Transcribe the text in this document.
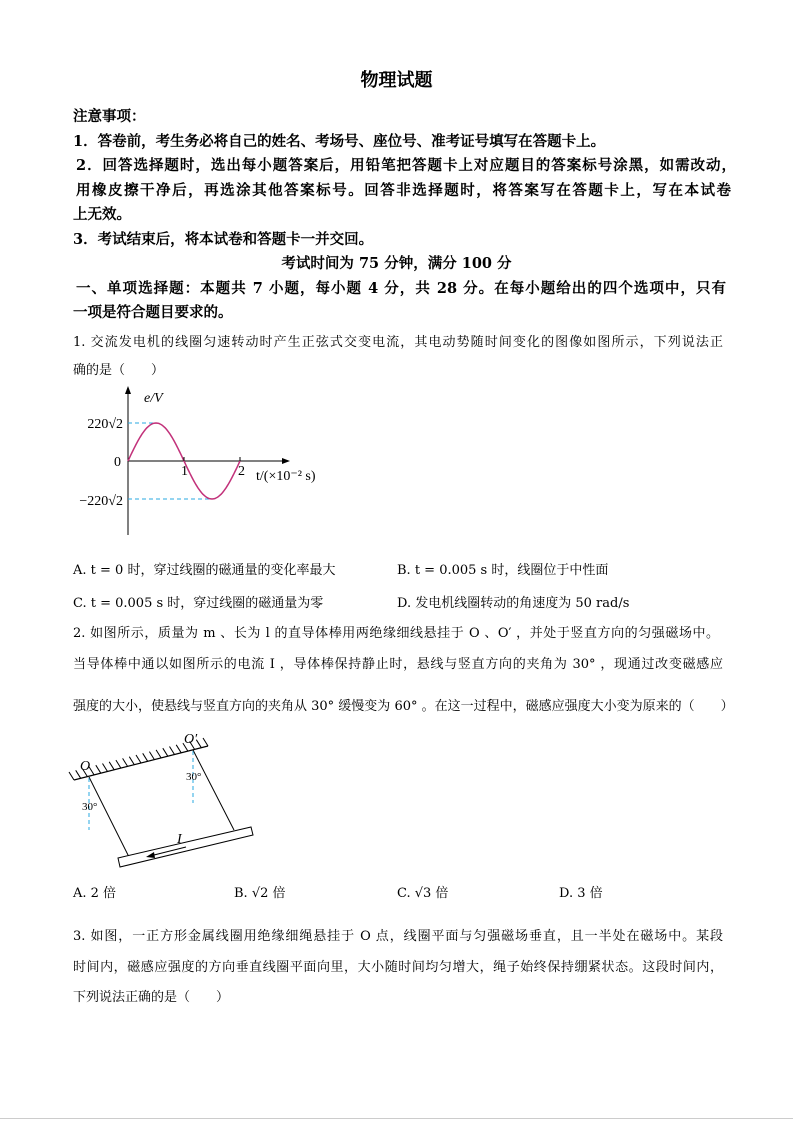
物理试题
注意事项：
1．答卷前，考生务必将自己的姓名、考场号、座位号、准考证号填写在答题卡上。
2．回答选择题时，选出每小题答案后，用铅笔把答题卡上对应题目的答案标号涂黑，如需改动，
用橡皮擦干净后，再选涂其他答案标号。回答非选择题时，将答案写在答题卡上，写在本试卷
上无效。
3．考试结束后，将本试卷和答题卡一并交回。
考试时间为 75 分钟，满分 100 分
一、单项选择题：本题共 7 小题，每小题 4 分，共 28 分。在每小题给出的四个选项中，只有
一项是符合题目要求的。
1. 交流发电机的线圈匀速转动时产生正弦式交变电流，其电动势随时间变化的图像如图所示，下列说法正
确的是（　　）
e/V
220√2
−220√2
0
1	2 t/(×10⁻² s)
O
O′
30°
30°
I
A. t = 0 时，穿过线圈的磁通量的变化率最大	B. t = 0.005 s 时，线圈位于中性面
C. t = 0.005 s 时，穿过线圈的磁通量为零	D. 发电机线圈转动的角速度为 50 rad/s
2. 如图所示，质量为 m 、长为 l 的直导体棒用两绝缘细线悬挂于 O 、O′ ，并处于竖直方向的匀强磁场中。
当导体棒中通以如图所示的电流 I ，导体棒保持静止时，悬线与竖直方向的夹角为 30° ，现通过改变磁感应
强度的大小，使悬线与竖直方向的夹角从 30° 缓慢变为 60° 。在这一过程中，磁感应强度大小变为原来的（　　）
A. 2 倍	B. √2 倍	C. √3 倍	D. 3 倍
3. 如图，一正方形金属线圈用绝缘细绳悬挂于 O 点，线圈平面与匀强磁场垂直，且一半处在磁场中。某段
时间内，磁感应强度的方向垂直线圈平面向里，大小随时间均匀增大，绳子始终保持绷紧状态。这段时间内，
下列说法正确的是（　　）
